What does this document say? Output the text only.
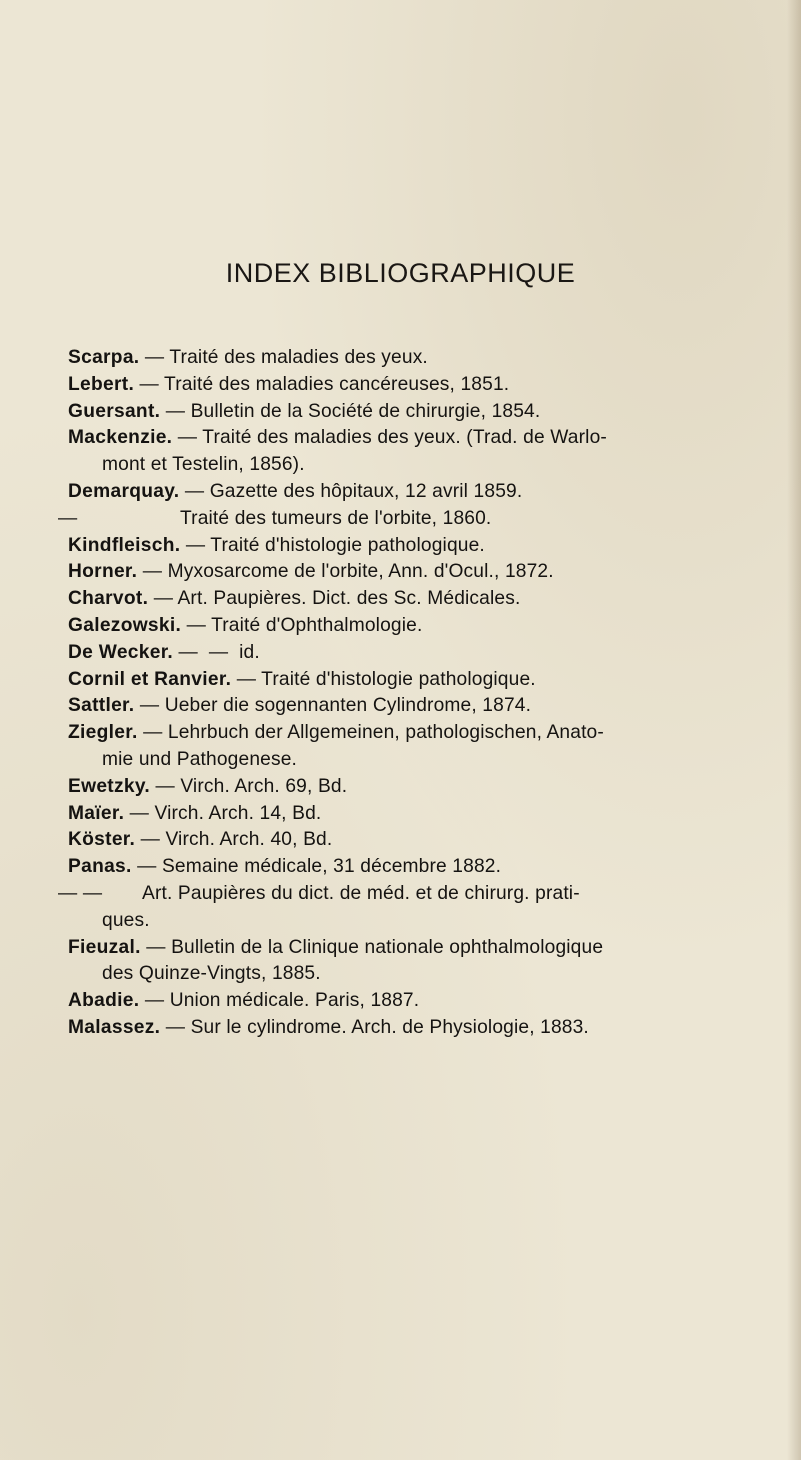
INDEX BIBLIOGRAPHIQUE
Scarpa. — Traité des maladies des yeux.
Lebert. — Traité des maladies cancéreuses, 1851.
Guersant. — Bulletin de la Société de chirurgie, 1854.
Mackenzie. — Traité des maladies des yeux. (Trad. de Warlo-
mont et Testelin, 1856).
Demarquay. — Gazette des hôpitaux, 12 avril 1859.
—	Traité des tumeurs de l'orbite, 1860.
Kindfleisch. — Traité d'histologie pathologique.
Horner. — Myxosarcome de l'orbite, Ann. d'Ocul., 1872.
Charvot. — Art. Paupières. Dict. des Sc. Médicales.
Galezowski. — Traité d'Ophthalmologie.
De Wecker. —  —  id.
Cornil et Ranvier. — Traité d'histologie pathologique.
Sattler. — Ueber die sogennanten Cylindrome, 1874.
Ziegler. — Lehrbuch der Allgemeinen, pathologischen, Anato-
mie und Pathogenese.
Ewetzky. — Virch. Arch. 69, Bd.
Maïer. — Virch. Arch. 14, Bd.
Köster. — Virch. Arch. 40, Bd.
Panas. — Semaine médicale, 31 décembre 1882.
— — Art. Paupières du dict. de méd. et de chirurg. prati-
ques.
Fieuzal. — Bulletin de la Clinique nationale ophthalmologique
des Quinze-Vingts, 1885.
Abadie. — Union médicale. Paris, 1887.
Malassez. — Sur le cylindrome. Arch. de Physiologie, 1883.
